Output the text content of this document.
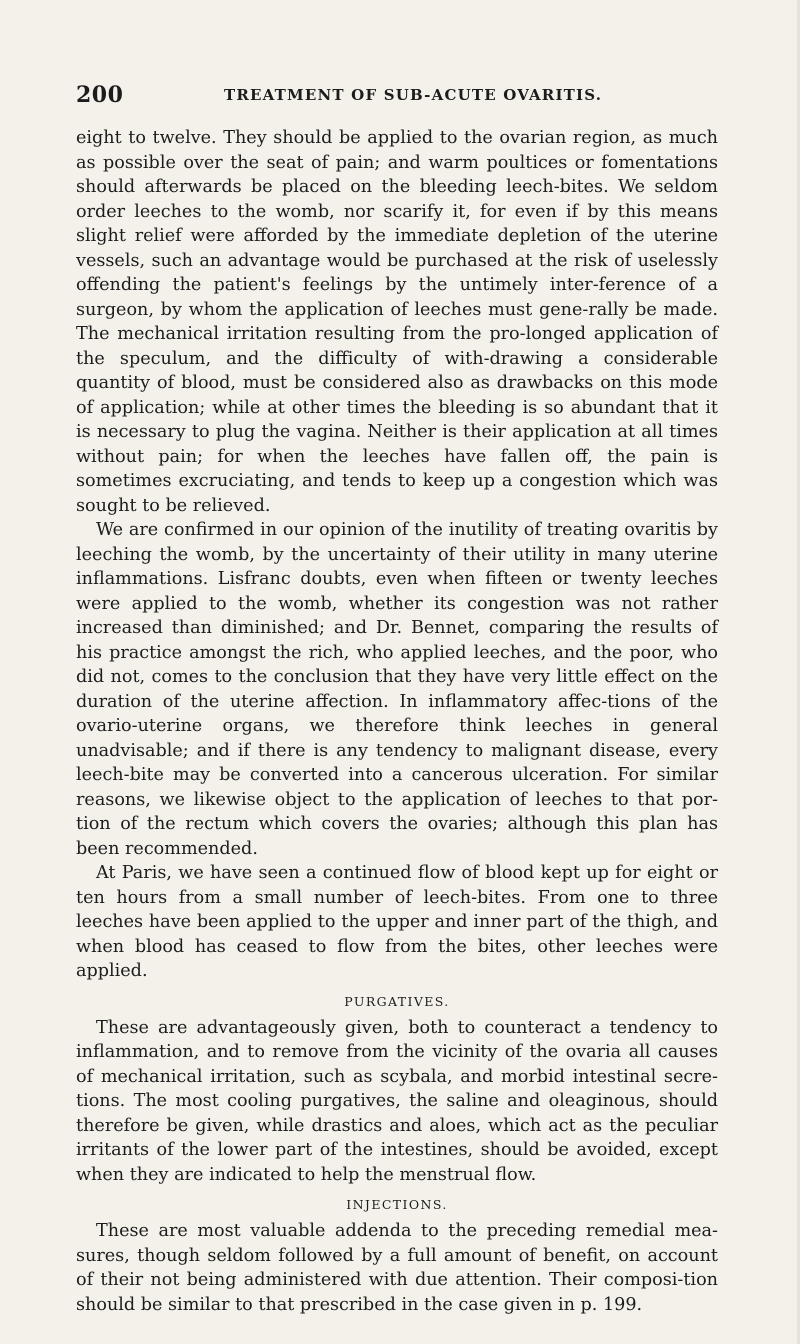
200	TREATMENT OF SUB-ACUTE OVARITIS.

eight to twelve. They should be applied to the ovarian region, as much as possible over the seat of pain; and warm poultices or fomentations should afterwards be placed on the bleeding leech-bites. We seldom order leeches to the womb, nor scarify it, for even if by this means slight relief were afforded by the immediate depletion of the uterine vessels, such an advantage would be purchased at the risk of uselessly offending the patient's feelings by the untimely inter-ference of a surgeon, by whom the application of leeches must gene-rally be made. The mechanical irritation resulting from the pro-longed application of the speculum, and the difficulty of with-drawing a considerable quantity of blood, must be considered also as drawbacks on this mode of application; while at other times the bleeding is so abundant that it is necessary to plug the vagina. Neither is their application at all times without pain; for when the leeches have fallen off, the pain is sometimes excruciating, and tends to keep up a congestion which was sought to be relieved.

We are confirmed in our opinion of the inutility of treating ovaritis by leeching the womb, by the uncertainty of their utility in many uterine inflammations. Lisfranc doubts, even when fifteen or twenty leeches were applied to the womb, whether its congestion was not rather increased than diminished; and Dr. Bennet, comparing the results of his practice amongst the rich, who applied leeches, and the poor, who did not, comes to the conclusion that they have very little effect on the duration of the uterine affection. In inflammatory affec-tions of the ovario-uterine organs, we therefore think leeches in general unadvisable; and if there is any tendency to malignant disease, every leech-bite may be converted into a cancerous ulceration. For similar reasons, we likewise object to the application of leeches to that por-tion of the rectum which covers the ovaries; although this plan has been recommended.

At Paris, we have seen a continued flow of blood kept up for eight or ten hours from a small number of leech-bites. From one to three leeches have been applied to the upper and inner part of the thigh, and when blood has ceased to flow from the bites, other leeches were applied.

PURGATIVES.

These are advantageously given, both to counteract a tendency to inflammation, and to remove from the vicinity of the ovaria all causes of mechanical irritation, such as scybala, and morbid intestinal secre-tions. The most cooling purgatives, the saline and oleaginous, should therefore be given, while drastics and aloes, which act as the peculiar irritants of the lower part of the intestines, should be avoided, except when they are indicated to help the menstrual flow.

INJECTIONS.

These are most valuable addenda to the preceding remedial mea-sures, though seldom followed by a full amount of benefit, on account of their not being administered with due attention. Their composi-tion should be similar to that prescribed in the case given in p. 199.
